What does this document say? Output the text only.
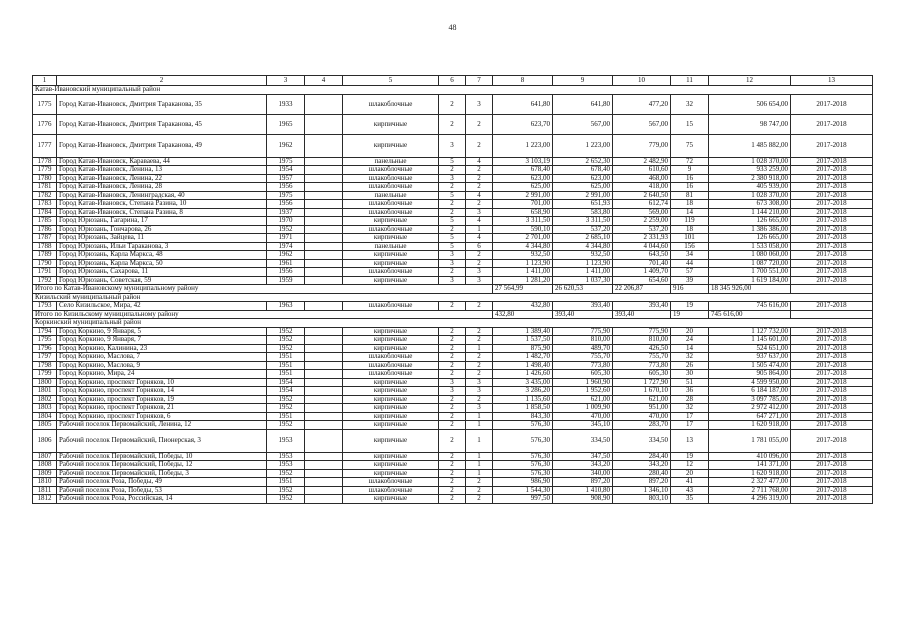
48
1	2	3	4	5	6	7	8	9	10	11	12	13
Катав-Ивановский муниципальный район												
1775	Город Катав-Ивановск, Дмитрия Тараканова, 35	1933		шлакоблочные	2	3	641,80	641,80	477,20	32	506 654,00	2017-2018
1776	Город Катав-Ивановск, Дмитрия Тараканова, 45	1965		кирпичные	2	2	623,70	567,00	567,00	15	98 747,00	2017-2018
1777	Город Катав-Ивановск, Дмитрия Тараканова, 49	1962		кирпичные	3	2	1 223,00	1 223,00	779,00	75	1 485 882,00	2017-2018
1778	Город Катав-Ивановск, Караваева, 44	1975		панельные	5	4	3 103,19	2 652,30	2 482,90	72	1 028 370,00	2017-2018
1779	Город Катав-Ивановск, Ленина, 13	1954		шлакоблочные	2	2	678,40	678,40	610,60	9	933 259,00	2017-2018
1780	Город Катав-Ивановск, Ленина, 22	1957		шлакоблочные	3	2	623,00	623,00	468,00	16	2 380 918,00	2017-2018
1781	Город Катав-Ивановск, Ленина, 28	1956		шлакоблочные	2	2	625,00	625,00	418,00	16	405 939,00	2017-2018
1782	Город Катав-Ивановск, Ленинградская, 40	1975		панельные	5	4	2 991,00	2 991,00	2 640,50	81	1 028 370,00	2017-2018
1783	Город Катав-Ивановск, Степана Разина, 10	1956		шлакоблочные	2	2	701,00	651,93	612,74	18	673 308,00	2017-2018
1784	Город Катав-Ивановск, Степана Разина, 8	1937		шлакоблочные	2	3	658,90	583,80	569,00	14	1 144 210,00	2017-2018
1785	Город Юрюзань, Гагарина, 17	1970		кирпичные	5	4	3 311,50	3 311,50	2 259,00	119	126 665,00	2017-2018
1786	Город Юрюзань, Гончарова, 26	1952		шлакоблочные	2	1	590,10	537,20	537,20	18	1 386 386,00	2017-2018
1787	Город Юрюзань, Зайцева, 11	1971		кирпичные	5	4	2 701,00	2 685,10	2 331,93	101	126 665,00	2017-2018
1788	Город Юрюзань, Ильи Тараканова, 3	1974		панельные	5	6	4 344,80	4 344,80	4 044,60	156	1 533 058,00	2017-2018
1789	Город Юрюзань, Карла Маркса, 48	1962		кирпичные	3	2	932,50	932,50	643,50	34	1 080 060,00	2017-2018
1790	Город Юрюзань, Карла Маркса, 50	1961		кирпичные	3	2	1 123,90	1 123,90	701,40	44	1 087 720,00	2017-2018
1791	Город Юрюзань, Сахарова, 11	1956		шлакоблочные	2	3	1 411,00	1 411,00	1 409,70	57	1 700 551,00	2017-2018
1792	Город Юрюзань, Советская, 59	1959		кирпичные	3	3	1 281,20	1 037,30	654,60	39	1 619 184,00	2017-2018
Итого по Катав-Ивановскому муниципальному району							27 564,99	26 620,53	22 206,87	916	18 345 926,00	
Кизильский муниципальный район												
1793	Село Кизильское, Мира, 42	1963		шлакоблочные	2	2	432,80	393,40	393,40	19	745 616,00	2017-2018
Итого по Кизильскому муниципальному району							432,80	393,40	393,40	19	745 616,00	
Коркинский муниципальный район												
1794	Город Коркино, 9 Января, 5	1952		кирпичные	2	2	1 389,40	775,90	775,90	20	1 127 732,00	2017-2018
1795	Город Коркино, 9 Января, 7	1952		кирпичные	2	2	1 537,50	810,00	810,00	24	1 145 601,00	2017-2018
1796	Город Коркино, Калинина, 23	1952		кирпичные	2	1	875,90	489,70	426,50	14	524 651,00	2017-2018
1797	Город Коркино, Маслова, 7	1951		шлакоблочные	2	2	1 482,70	755,70	755,70	32	937 637,00	2017-2018
1798	Город Коркино, Маслова, 9	1951		шлакоблочные	2	2	1 498,40	773,80	773,80	26	1 505 474,00	2017-2018
1799	Город Коркино, Мира, 24	1951		шлакоблочные	2	2	1 426,60	605,30	605,30	30	905 864,00	2017-2018
1800	Город Коркино, проспект Горняков, 10	1954		кирпичные	3	3	3 435,00	1 960,90	1 727,90	51	4 599 950,00	2017-2018
1801	Город Коркино, проспект Горняков, 14	1954		кирпичные	3	3	3 286,20	1 952,60	1 670,10	36	6 184 187,00	2017-2018
1802	Город Коркино, проспект Горняков, 19	1952		кирпичные	2	2	1 135,60	621,00	621,00	28	3 097 785,00	2017-2018
1803	Город Коркино, проспект Горняков, 21	1952		кирпичные	2	3	1 858,50	1 009,90	951,00	32	2 972 412,00	2017-2018
1804	Город Коркино, проспект Горняков, 6	1951		кирпичные	2	1	843,30	470,00	470,00	17	647 271,00	2017-2018
1805	Рабочий поселок Первомайский, Ленина, 12	1952		кирпичные	2	1	576,30	345,10	283,70	17	1 620 918,00	2017-2018
1806	Рабочий поселок Первомайский, Пионерская, 3	1953		кирпичные	2	1	576,30	334,50	334,50	13	1 781 055,00	2017-2018
1807	Рабочий поселок Первомайский, Победы, 10	1953		кирпичные	2	1	576,30	347,50	284,40	19	410 096,00	2017-2018
1808	Рабочий поселок Первомайский, Победы, 12	1953		кирпичные	2	1	576,30	343,20	343,20	12	141 371,00	2017-2018
1809	Рабочий поселок Первомайский, Победы, 3	1952		кирпичные	2	1	576,30	340,00	280,40	20	1 620 918,00	2017-2018
1810	Рабочий поселок Роза, Победы, 49	1951		шлакоблочные	2	2	986,90	897,20	897,20	41	2 327 477,00	2017-2018
1811	Рабочий поселок Роза, Победы, 53	1952		шлакоблочные	2	2	1 544,30	1 410,80	1 346,10	43	2 711 768,00	2017-2018
1812	Рабочий поселок Роза, Российская, 14	1952		кирпичные	2	2	997,50	908,90	803,10	35	4 296 319,00	2017-2018
